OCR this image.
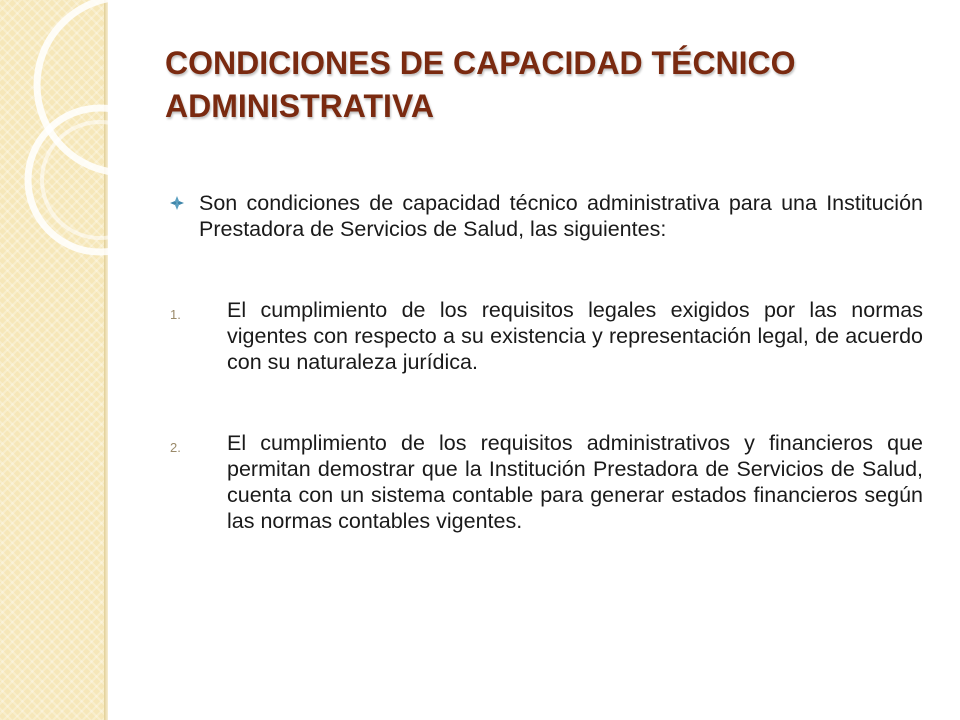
CONDICIONES DE CAPACIDAD TÉCNICO ADMINISTRATIVA
Son condiciones de capacidad técnico administrativa para una Institución Prestadora de Servicios de Salud, las siguientes:
1. El cumplimiento de los requisitos legales exigidos por las normas vigentes con respecto a su existencia y representación legal, de acuerdo con su naturaleza jurídica.
2. El cumplimiento de los requisitos administrativos y financieros que permitan demostrar que la Institución Prestadora de Servicios de Salud, cuenta con un sistema contable para generar estados financieros según las normas contables vigentes.
